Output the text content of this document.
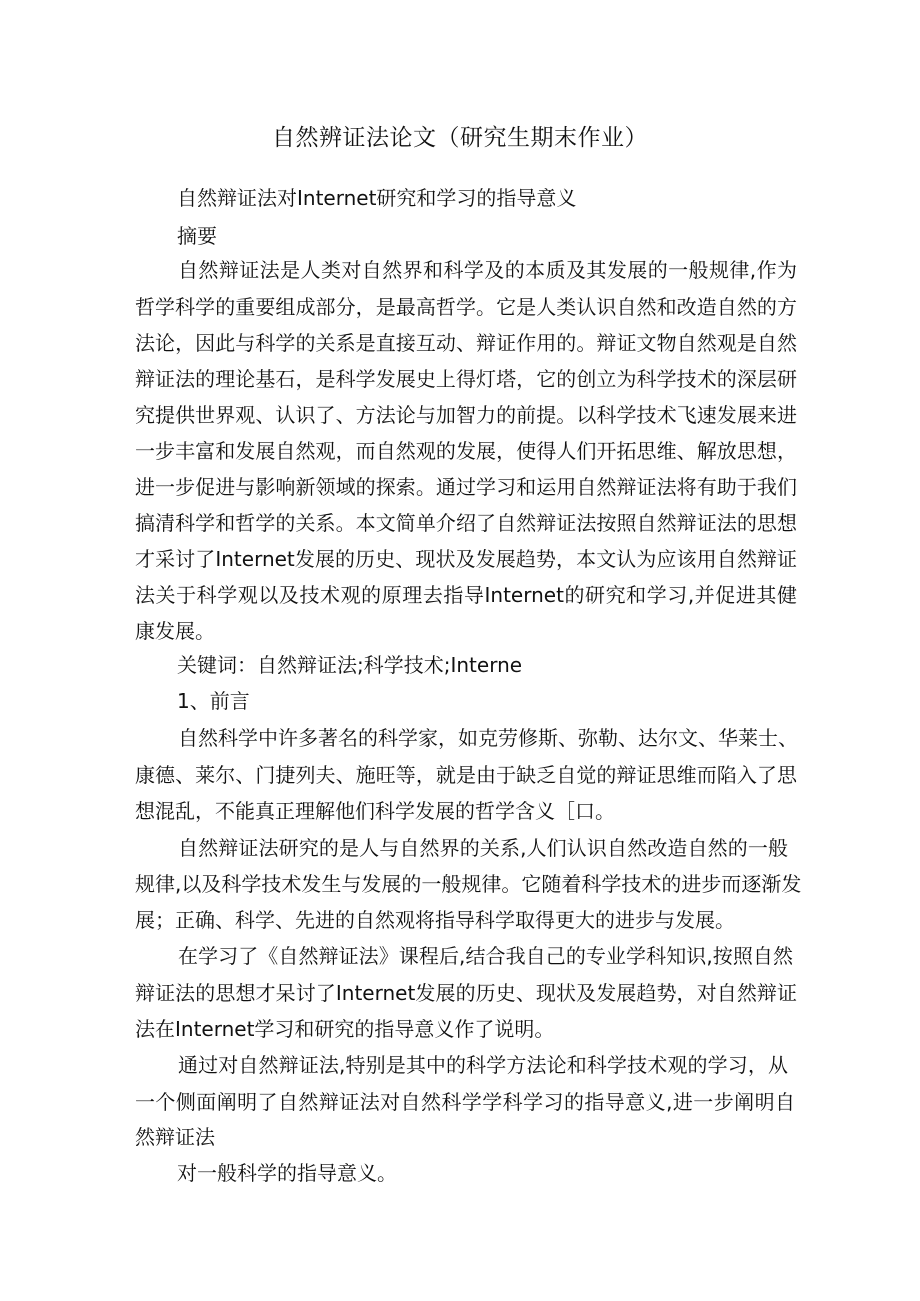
自然辨证法论文（研究生期末作业）
自然辩证法对Internet研究和学习的指导意义
摘要
自然辩证法是人类对自然界和科学及的本质及其发展的一般规律,作为
哲学科学的重要组成部分，是最高哲学。它是人类认识自然和改造自然的方
法论，因此与科学的关系是直接互动、辩证作用的。辩证文物自然观是自然
辩证法的理论基石，是科学发展史上得灯塔，它的创立为科学技术的深层研
究提供世界观、认识了、方法论与加智力的前提。以科学技术飞速发展来进
一步丰富和发展自然观，而自然观的发展，使得人们开拓思维、解放思想，
进一步促进与影响新领域的探索。通过学习和运用自然辩证法将有助于我们
搞清科学和哲学的关系。本文简单介绍了自然辩证法按照自然辩证法的思想
才采讨了Internet发展的历史、现状及发展趋势，本文认为应该用自然辩证
法关于科学观以及技术观的原理去指导Internet的研究和学习,并促进其健
康发展。
关键词：自然辩证法;科学技术;Interne
1、前言
自然科学中许多著名的科学家，如克劳修斯、弥勒、达尔文、华莱士、
康德、莱尔、门捷列夫、施旺等，就是由于缺乏自觉的辩证思维而陷入了思
想混乱，不能真正理解他们科学发展的哲学含义［口。
自然辩证法研究的是人与自然界的关系,人们认识自然改造自然的一般
规律,以及科学技术发生与发展的一般规律。它随着科学技术的进步而逐渐发
展；正确、科学、先进的自然观将指导科学取得更大的进步与发展。
在学习了《自然辩证法》课程后,结合我自己的专业学科知识,按照自然
辩证法的思想才呆讨了Internet发展的历史、现状及发展趋势，对自然辩证
法在Internet学习和研究的指导意义作了说明。
通过对自然辩证法,特别是其中的科学方法论和科学技术观的学习，从
一个侧面阐明了自然辩证法对自然科学学科学习的指导意义,进一步阐明自
然辩证法
对一般科学的指导意义。
